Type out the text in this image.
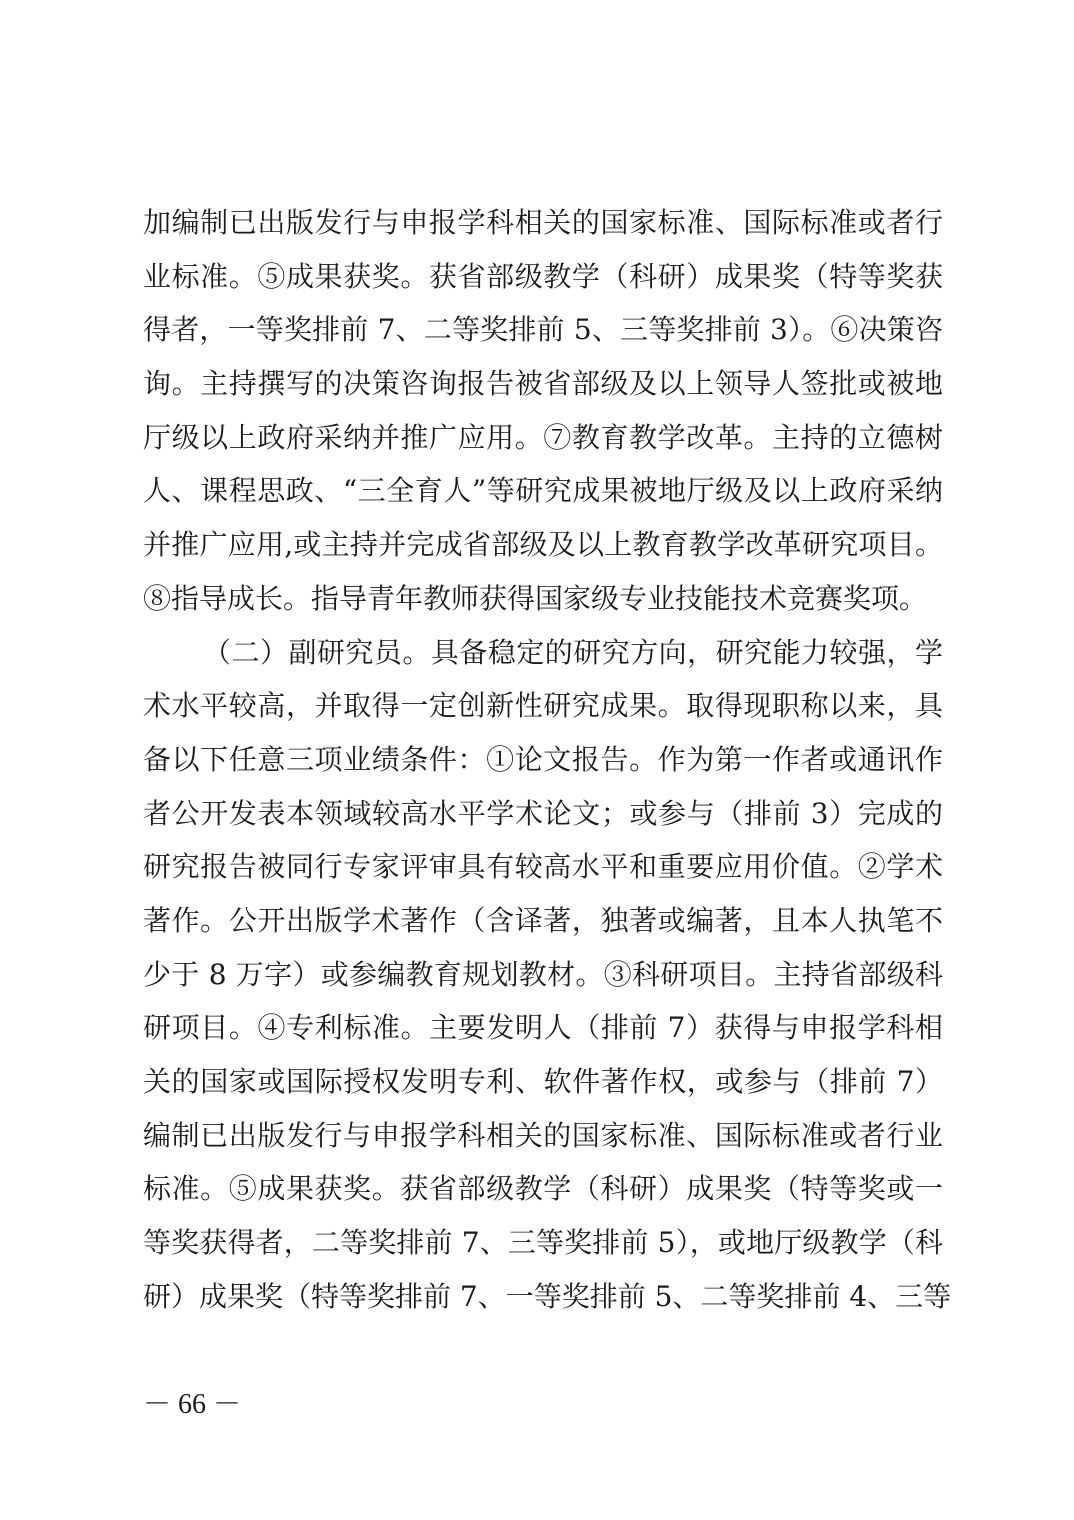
加编制已出版发行与申报学科相关的国家标准、国际标准或者行
业标准。⑤成果获奖。获省部级教学（科研）成果奖（特等奖获
得者，一等奖排前 7、二等奖排前 5、三等奖排前 3）。⑥决策咨
询。主持撰写的决策咨询报告被省部级及以上领导人签批或被地
厅级以上政府采纳并推广应用。⑦教育教学改革。主持的立德树
人、课程思政、“三全育人”等研究成果被地厅级及以上政府采纳
并推广应用,或主持并完成省部级及以上教育教学改革研究项目。
⑧指导成长。指导青年教师获得国家级专业技能技术竞赛奖项。
（二）副研究员。具备稳定的研究方向，研究能力较强，学
术水平较高，并取得一定创新性研究成果。取得现职称以来，具
备以下任意三项业绩条件：①论文报告。作为第一作者或通讯作
者公开发表本领域较高水平学术论文；或参与（排前 3）完成的
研究报告被同行专家评审具有较高水平和重要应用价值。②学术
著作。公开出版学术著作（含译著，独著或编著，且本人执笔不
少于 8 万字）或参编教育规划教材。③科研项目。主持省部级科
研项目。④专利标准。主要发明人（排前 7）获得与申报学科相
关的国家或国际授权发明专利、软件著作权，或参与（排前 7）
编制已出版发行与申报学科相关的国家标准、国际标准或者行业
标准。⑤成果获奖。获省部级教学（科研）成果奖（特等奖或一
等奖获得者，二等奖排前 7、三等奖排前 5），或地厅级教学（科
研）成果奖（特等奖排前 7、一等奖排前 5、二等奖排前 4、三等
－ 66 －
